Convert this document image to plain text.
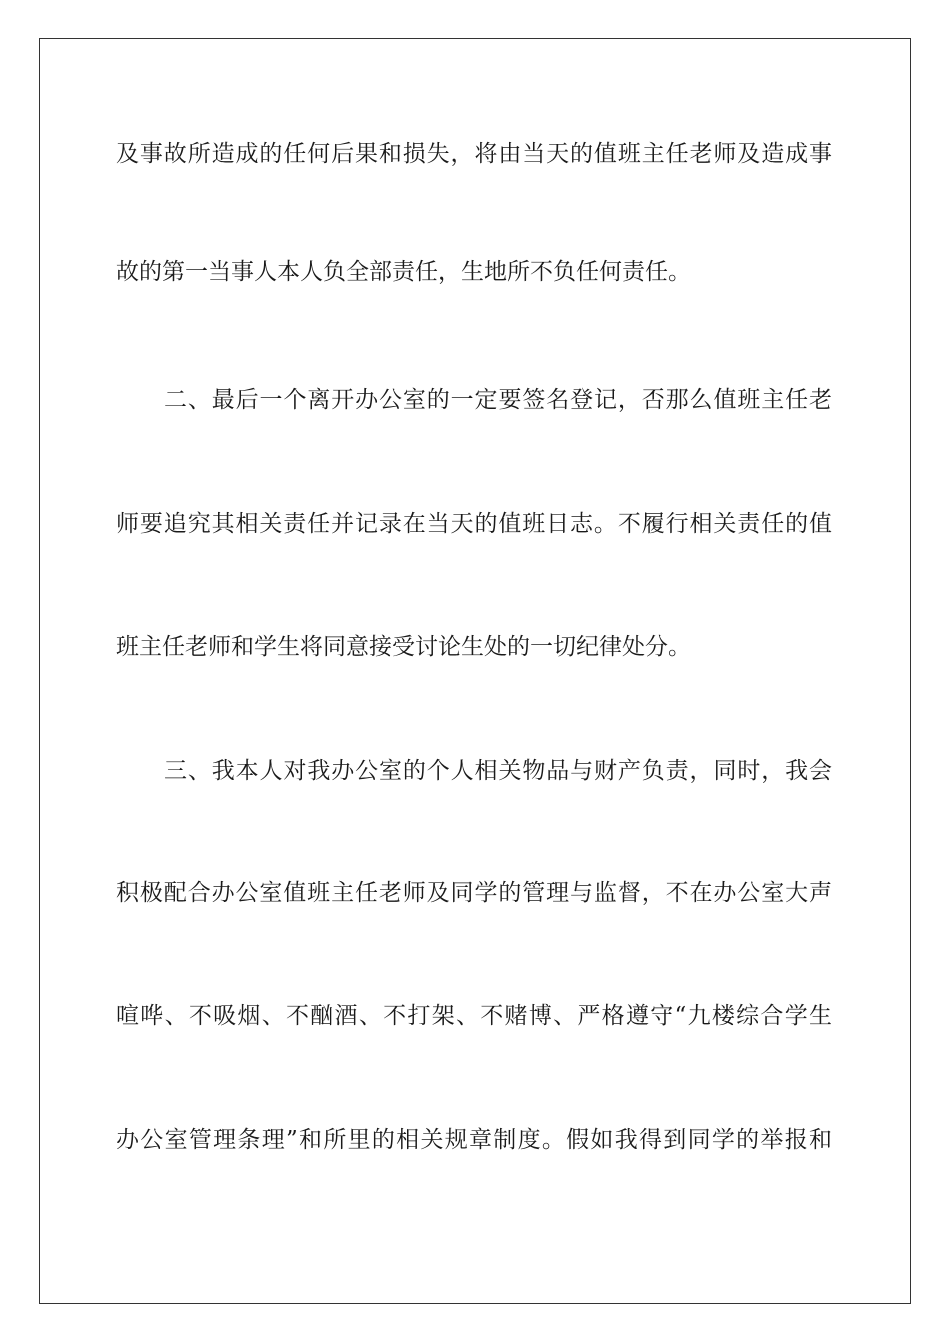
及事故所造成的任何后果和损失，将由当天的值班主任老师及造成事
故的第一当事人本人负全部责任，生地所不负任何责任。
二、最后一个离开办公室的一定要签名登记，否那么值班主任老
师要追究其相关责任并记录在当天的值班日志。不履行相关责任的值
班主任老师和学生将同意接受讨论生处的一切纪律处分。
三、我本人对我办公室的个人相关物品与财产负责，同时，我会
积极配合办公室值班主任老师及同学的管理与监督，不在办公室大声
喧哗、不吸烟、不酗酒、不打架、不赌博、严格遵守“九楼综合学生
办公室管理条理”和所里的相关规章制度。假如我得到同学的举报和
